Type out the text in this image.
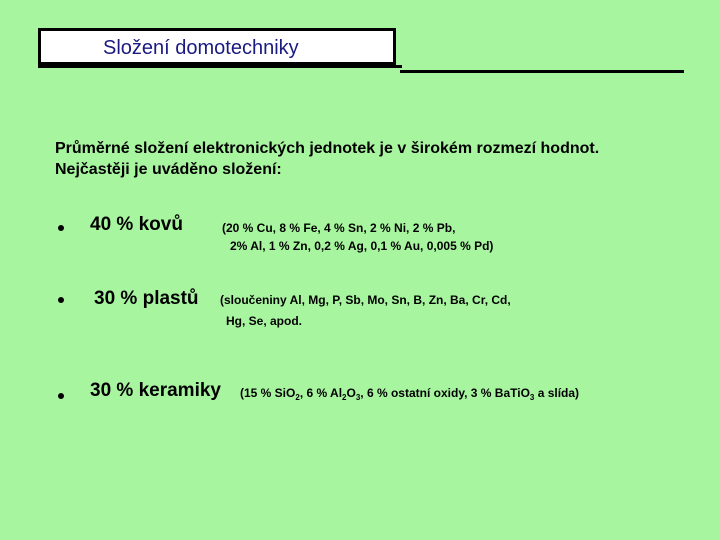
Složení domotechniky
Průměrné složení elektronických jednotek je v širokém rozmezí hodnot.
Nejčastěji je uváděno složení:
40 % kovů	(20 % Cu, 8 % Fe, 4 % Sn, 2 % Ni, 2 % Pb,
2% Al, 1 % Zn, 0,2 % Ag, 0,1 % Au, 0,005 % Pd)
30 % plastů (sloučeniny Al, Mg, P, Sb, Mo, Sn, B, Zn, Ba, Cr, Cd,
Hg, Se, apod.
30 % keramiky (15 % SiO$_2$, 6 % $Al_2O_3$, 6 % ostatní oxidy, 3 % BaTiO$_3$ a slída)
